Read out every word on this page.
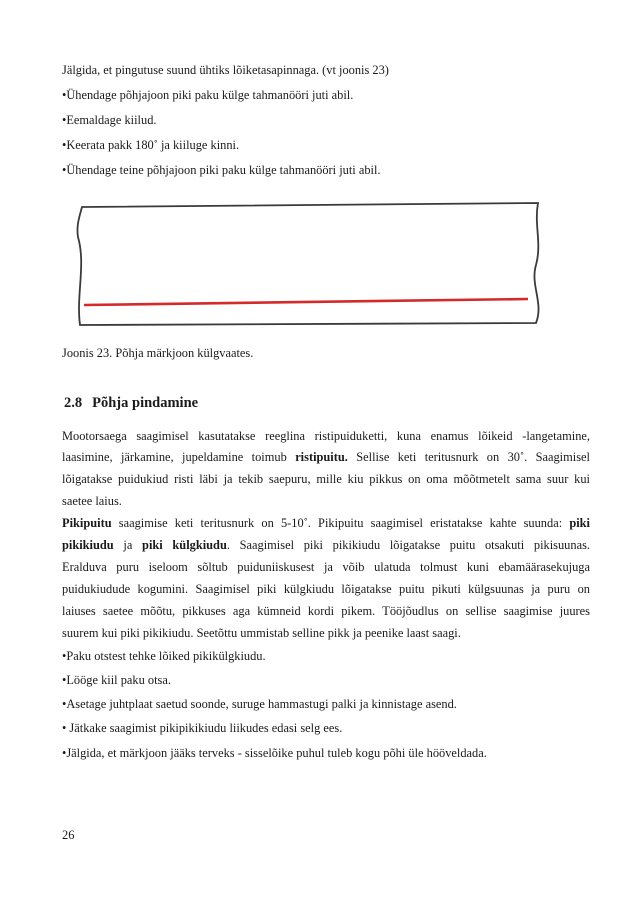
Jälgida, et pingutuse suund ühtiks lõiketasapinnaga. (vt joonis 23)
•Ühendage põhjajoon piki paku külge tahmanööri juti abil.
•Eemaldage kiilud.
•Keerata pakk 180˚ ja kiiluge kinni.
•Ühendage teine põhjajoon piki paku külge tahmanööri juti abil.
Joonis 23. Põhja märkjoon külgvaates.
2.8 Põhja pindamine
Mootorsaega saagimisel kasutatakse reeglina ristipuiduketti, kuna enamus lõikeid -langetamine,
laasimine, järkamine, jupeldamine toimub ristipuitu. Sellise keti teritusnurk on 30˚. Saagimisel
lõigatakse puidukiud risti läbi ja tekib saepuru, mille kiu pikkus on oma mõõtmetelt sama suur kui
saetee laius.
Pikipuitu saagimise keti teritusnurk on 5-10˚. Pikipuitu saagimisel eristatakse kahte suunda: piki
pikikiudu ja piki külgkiudu. Saagimisel piki pikikiudu lõigatakse puitu otsakuti pikisuunas.
Eralduva puru iseloom sõltub puiduniiskusest ja võib ulatuda tolmust kuni ebamäärasekujuga
puidukiudude kogumini. Saagimisel piki külgkiudu lõigatakse puitu pikuti külgsuunas ja puru on
laiuses saetee mõõtu, pikkuses aga kümneid kordi pikem. Tööjõudlus on sellise saagimise juures
suurem kui piki pikikiudu. Seetõttu ummistab selline pikk ja peenike laast saagi.
•Paku otstest tehke lõiked pikikülgkiudu.
•Lööge kiil paku otsa.
•Asetage juhtplaat saetud soonde, suruge hammastugi palki ja kinnistage asend.
• Jätkake saagimist pikipikikiudu liikudes edasi selg ees.
•Jälgida, et märkjoon jääks terveks - sisselõike puhul tuleb kogu põhi üle hööveldada.
26
